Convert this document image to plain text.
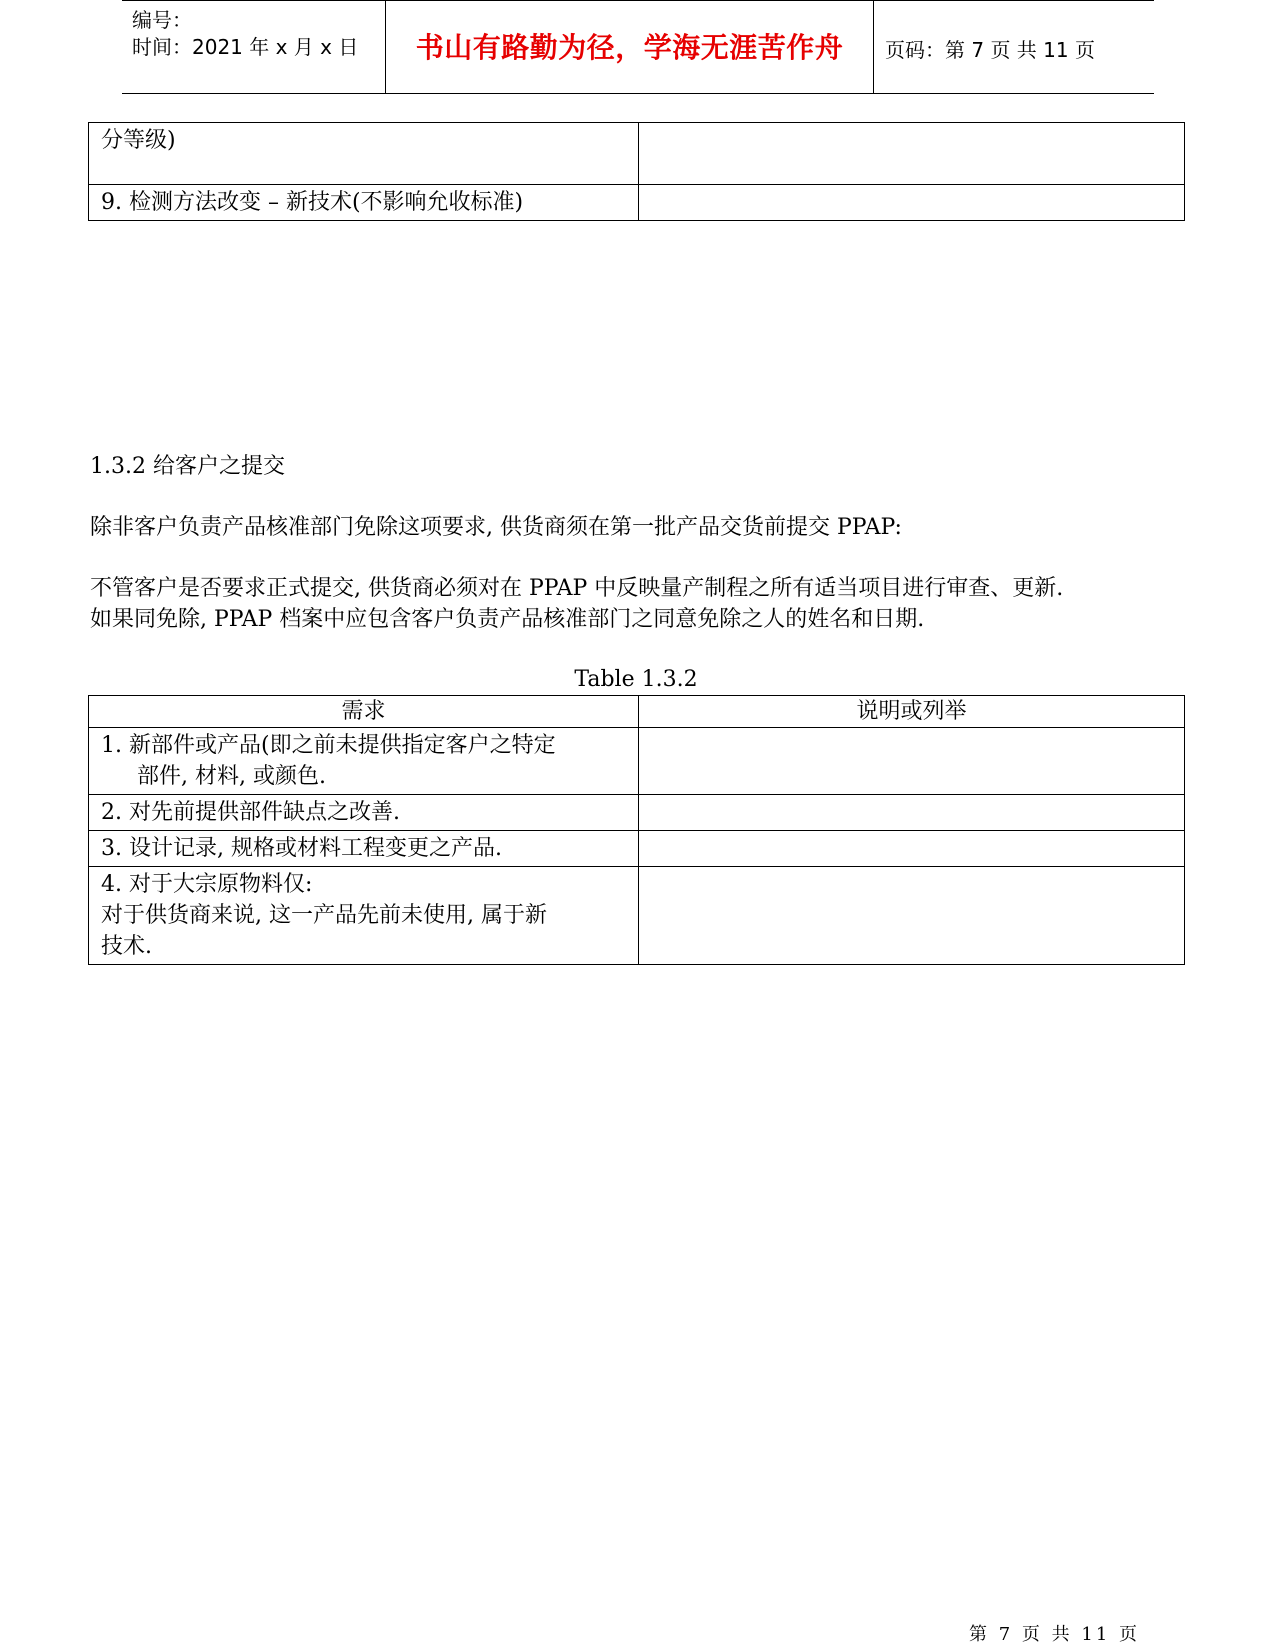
编号：
时间：2021 年 x 月 x 日	书山有路勤为径，学海无涯苦作舟	页码：第 7 页 共 11 页
分等级)	
9. 检测方法改变 – 新技术(不影响允收标准)	
1.3.2 给客户之提交
除非客户负责产品核准部门免除这项要求, 供货商须在第一批产品交货前提交 PPAP:
不管客户是否要求正式提交, 供货商必须对在 PPAP 中反映量产制程之所有适当项目进行审查、更新.
如果同免除, PPAP 档案中应包含客户负责产品核准部门之同意免除之人的姓名和日期.
Table 1.3.2
需求	说明或列举

1. 新部件或产品(即之前未提供指定客户之特定
部件, 材料, 或颜色.	

2. 对先前提供部件缺点之改善.	

3. 设计记录, 规格或材料工程变更之产品.	

4. 对于大宗原物料仅:
对于供货商来说, 这一产品先前未使用, 属于新
技术.	

第 7 页 共 11 页
